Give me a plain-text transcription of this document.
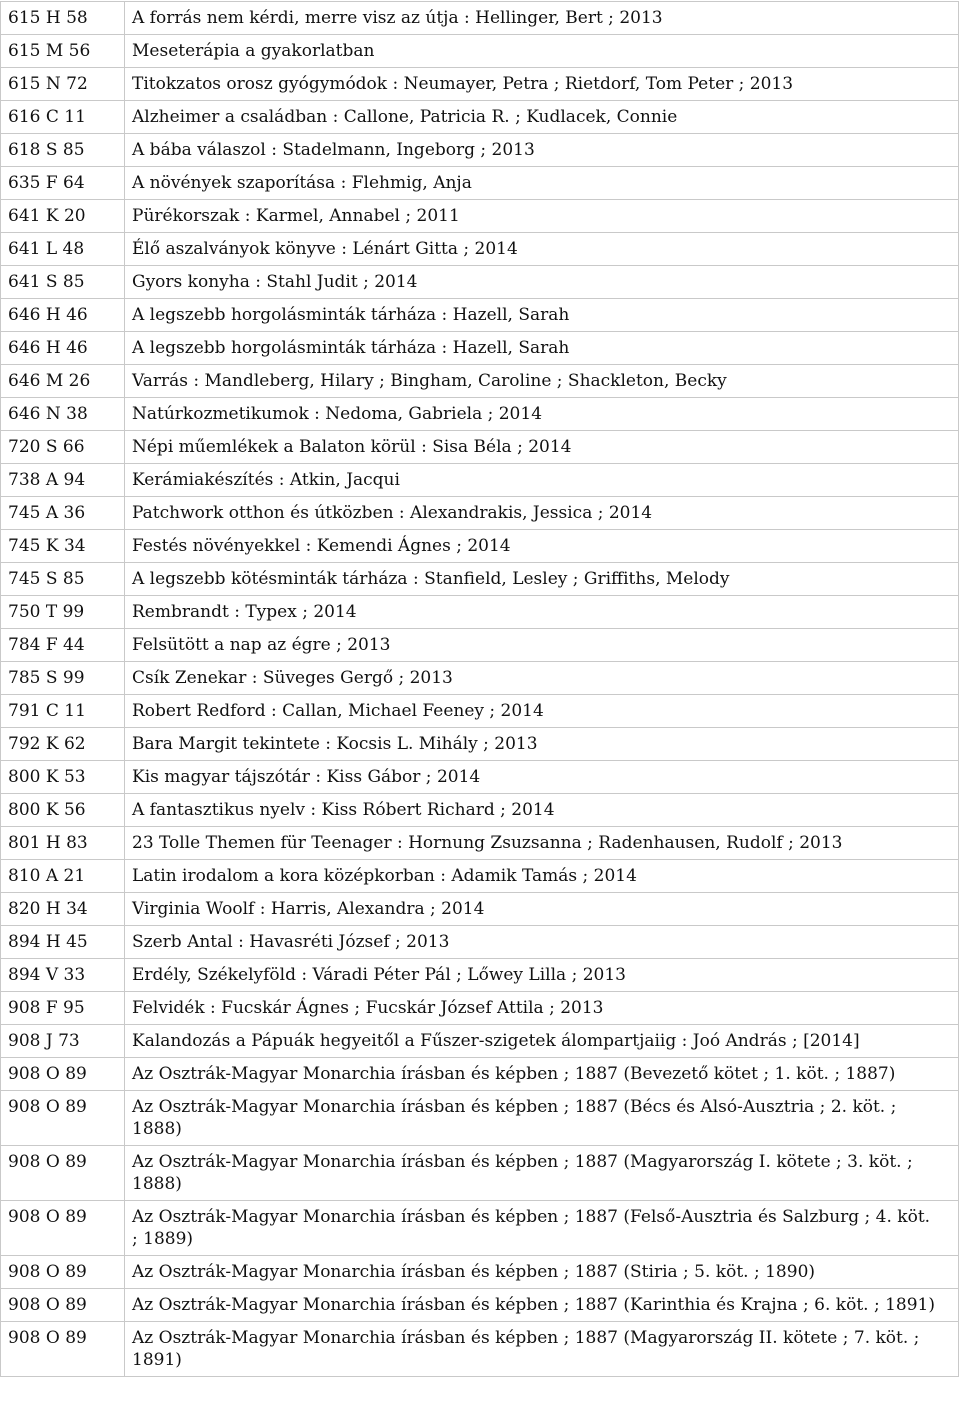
615 H 58	A forrás nem kérdi, merre visz az útja : Hellinger, Bert ; 2013
615 M 56	Meseterápia a gyakorlatban
615 N 72	Titokzatos orosz gyógymódok : Neumayer, Petra ; Rietdorf, Tom Peter ; 2013
616 C 11	Alzheimer a családban : Callone, Patricia R. ; Kudlacek, Connie
618 S 85	A bába válaszol : Stadelmann, Ingeborg ; 2013
635 F 64	A növények szaporítása : Flehmig, Anja
641 K 20	Pürékorszak : Karmel, Annabel ; 2011
641 L 48	Élő aszalványok könyve : Lénárt Gitta ; 2014
641 S 85	Gyors konyha : Stahl Judit ; 2014
646 H 46	A legszebb horgolásminták tárháza : Hazell, Sarah
646 H 46	A legszebb horgolásminták tárháza : Hazell, Sarah
646 M 26	Varrás : Mandleberg, Hilary ; Bingham, Caroline ; Shackleton, Becky
646 N 38	Natúrkozmetikumok : Nedoma, Gabriela ; 2014
720 S 66	Népi műemlékek a Balaton körül : Sisa Béla ; 2014
738 A 94	Kerámiakészítés : Atkin, Jacqui
745 A 36	Patchwork otthon és útközben : Alexandrakis, Jessica ; 2014
745 K 34	Festés növényekkel : Kemendi Ágnes ; 2014
745 S 85	A legszebb kötésminták tárháza : Stanfield, Lesley ; Griffiths, Melody
750 T 99	Rembrandt : Typex ; 2014
784 F 44	Felsütött a nap az égre ; 2013
785 S 99	Csík Zenekar : Süveges Gergő ; 2013
791 C 11	Robert Redford : Callan, Michael Feeney ; 2014
792 K 62	Bara Margit tekintete : Kocsis L. Mihály ; 2013
800 K 53	Kis magyar tájszótár : Kiss Gábor ; 2014
800 K 56	A fantasztikus nyelv : Kiss Róbert Richard ; 2014
801 H 83	23 Tolle Themen für Teenager : Hornung Zsuzsanna ; Radenhausen, Rudolf ; 2013
810 A 21	Latin irodalom a kora középkorban : Adamik Tamás ; 2014
820 H 34	Virginia Woolf : Harris, Alexandra ; 2014
894 H 45	Szerb Antal : Havasréti József ; 2013
894 V 33	Erdély, Székelyföld : Váradi Péter Pál ; Lőwey Lilla ; 2013
908 F 95	Felvidék : Fucskár Ágnes ; Fucskár József Attila ; 2013
908 J 73	Kalandozás a Pápuák hegyeitől a Fűszer-szigetek álompartjaiig : Joó András ; [2014]
908 O 89	Az Osztrák-Magyar Monarchia írásban és képben ; 1887 (Bevezető kötet ; 1. köt. ; 1887)
908 O 89	Az Osztrák-Magyar Monarchia írásban és képben ; 1887 (Bécs és Alsó-Ausztria ; 2. köt. ; 1888)
908 O 89	Az Osztrák-Magyar Monarchia írásban és képben ; 1887 (Magyarország I. kötete ; 3. köt. ; 1888)
908 O 89	Az Osztrák-Magyar Monarchia írásban és képben ; 1887 (Felső-Ausztria és Salzburg ; 4. köt. ; 1889)
908 O 89	Az Osztrák-Magyar Monarchia írásban és képben ; 1887 (Stiria ; 5. köt. ; 1890)
908 O 89	Az Osztrák-Magyar Monarchia írásban és képben ; 1887 (Karinthia és Krajna ; 6. köt. ; 1891)
908 O 89	Az Osztrák-Magyar Monarchia írásban és képben ; 1887 (Magyarország II. kötete ; 7. köt. ; 1891)
